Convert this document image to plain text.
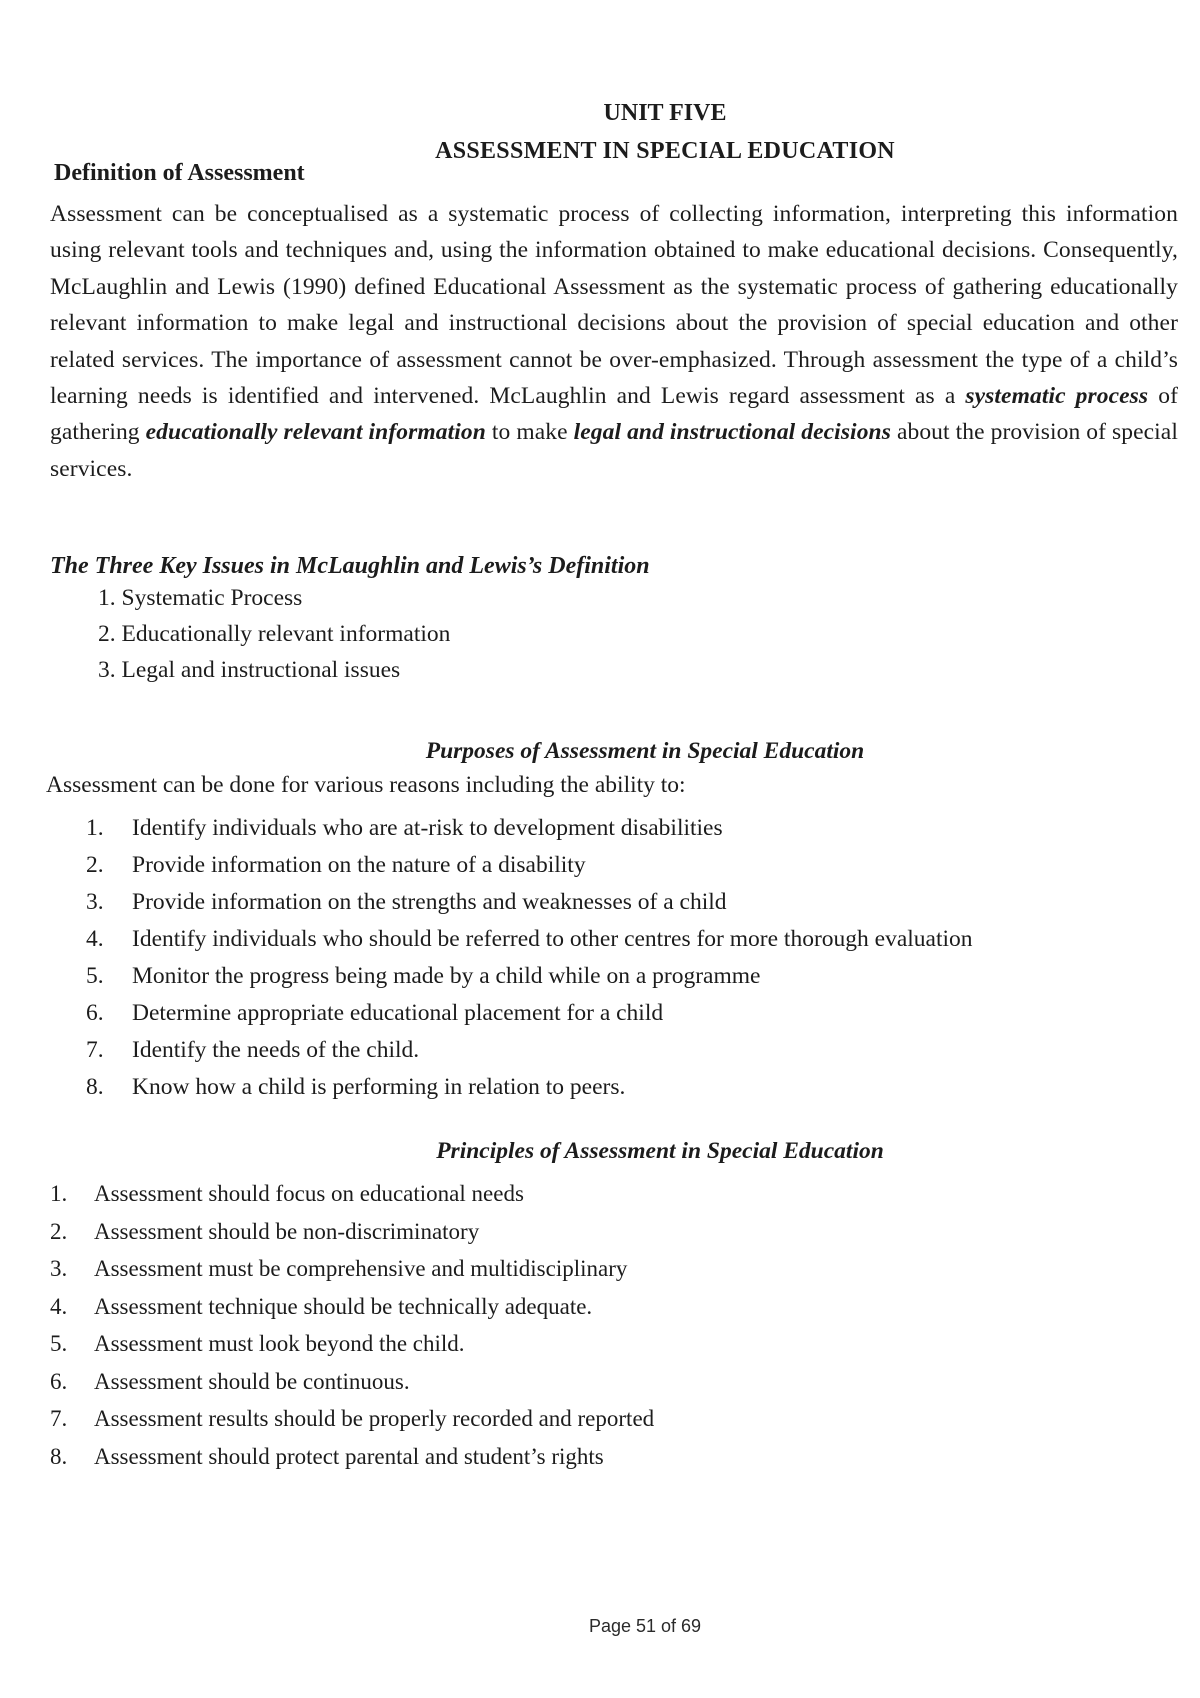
UNIT FIVE
ASSESSMENT IN SPECIAL EDUCATION
Definition of Assessment
Assessment can be conceptualised as a systematic process of collecting information, interpreting this information using relevant tools and techniques and, using the information obtained to make educational decisions. Consequently, McLaughlin and Lewis (1990) defined Educational Assessment as the systematic process of gathering educationally relevant information to make legal and instructional decisions about the provision of special education and other related services. The importance of assessment cannot be over-emphasized. Through assessment the type of a child’s learning needs is identified and intervened. McLaughlin and Lewis regard assessment as a systematic process of gathering educationally relevant information to make legal and instructional decisions about the provision of special services.
The Three Key Issues in McLaughlin and Lewis’s Definition
1. Systematic Process
2. Educationally relevant information
3. Legal and instructional issues
Purposes of Assessment in Special Education
Assessment can be done for various reasons including the ability to:
1.	Identify individuals who are at-risk to development disabilities
2.	Provide information on the nature of a disability
3.	Provide information on the strengths and weaknesses of a child
4.	Identify individuals who should be referred to other centres for more thorough evaluation
5.	Monitor the progress being made by a child while on a programme
6.	Determine appropriate educational placement for a child
7.	Identify the needs of the child.
8.	Know how a child is performing in relation to peers.
Principles of Assessment in Special Education
1.	Assessment should focus on educational needs
2.	Assessment should be non-discriminatory
3.	Assessment must be comprehensive and multidisciplinary
4.	Assessment technique should be technically adequate.
5.	Assessment must look beyond the child.
6.	Assessment should be continuous.
7.	Assessment results should be properly recorded and reported
8.	Assessment should protect parental and student’s rights
Page 51 of 69
